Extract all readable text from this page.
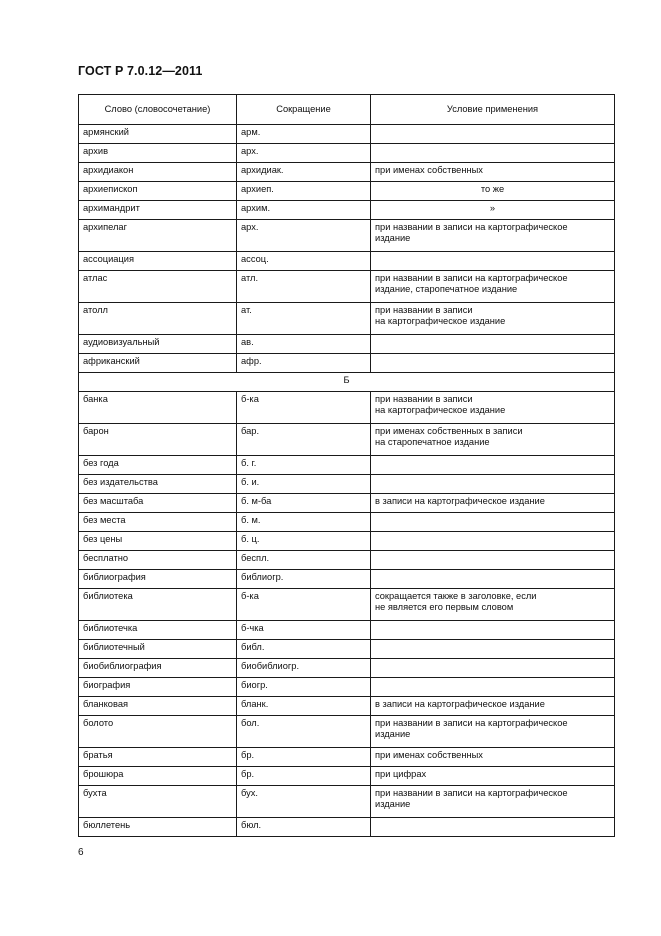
ГОСТ Р 7.0.12—2011
Слово (словосочетание)	Сокращение	Условие применения
армянский	арм.	
архив	арх.	
архидиакон	архидиак.	при именах собственных
архиепископ	архиеп.	то же
архимандрит	архим.	»
архипелаг	арх.	при названии в записи на картографическое
издание
ассоциация	ассоц.	
атлас	атл.	при названии в записи на картографическое
издание, старопечатное издание
атолл	ат.	при названии в записи
на картографическое издание
аудиовизуальный	ав.	
африканский	афр.	
Б		
банка	б-ка	при названии в записи
на картографическое издание
барон	бар.	при именах собственных в записи
на старопечатное издание
без года	б. г.	
без издательства	б. и.	
без масштаба	б. м-ба	в записи на картографическое издание
без места	б. м.	
без цены	б. ц.	
бесплатно	беспл.	
библиография	библиогр.	
библиотека	б-ка	сокращается также в заголовке, если
не является его первым словом
библиотечка	б-чка	
библиотечный	библ.	
биобиблиография	биобиблиогр.	
биография	биогр.	
бланковая	бланк.	в записи на картографическое издание
болото	бол.	при названии в записи на картографическое
издание
братья	бр.	при именах собственных
брошюра	бр.	при цифрах
бухта	бух.	при названии в записи на картографическое
издание
бюллетень	бюл.	
6
